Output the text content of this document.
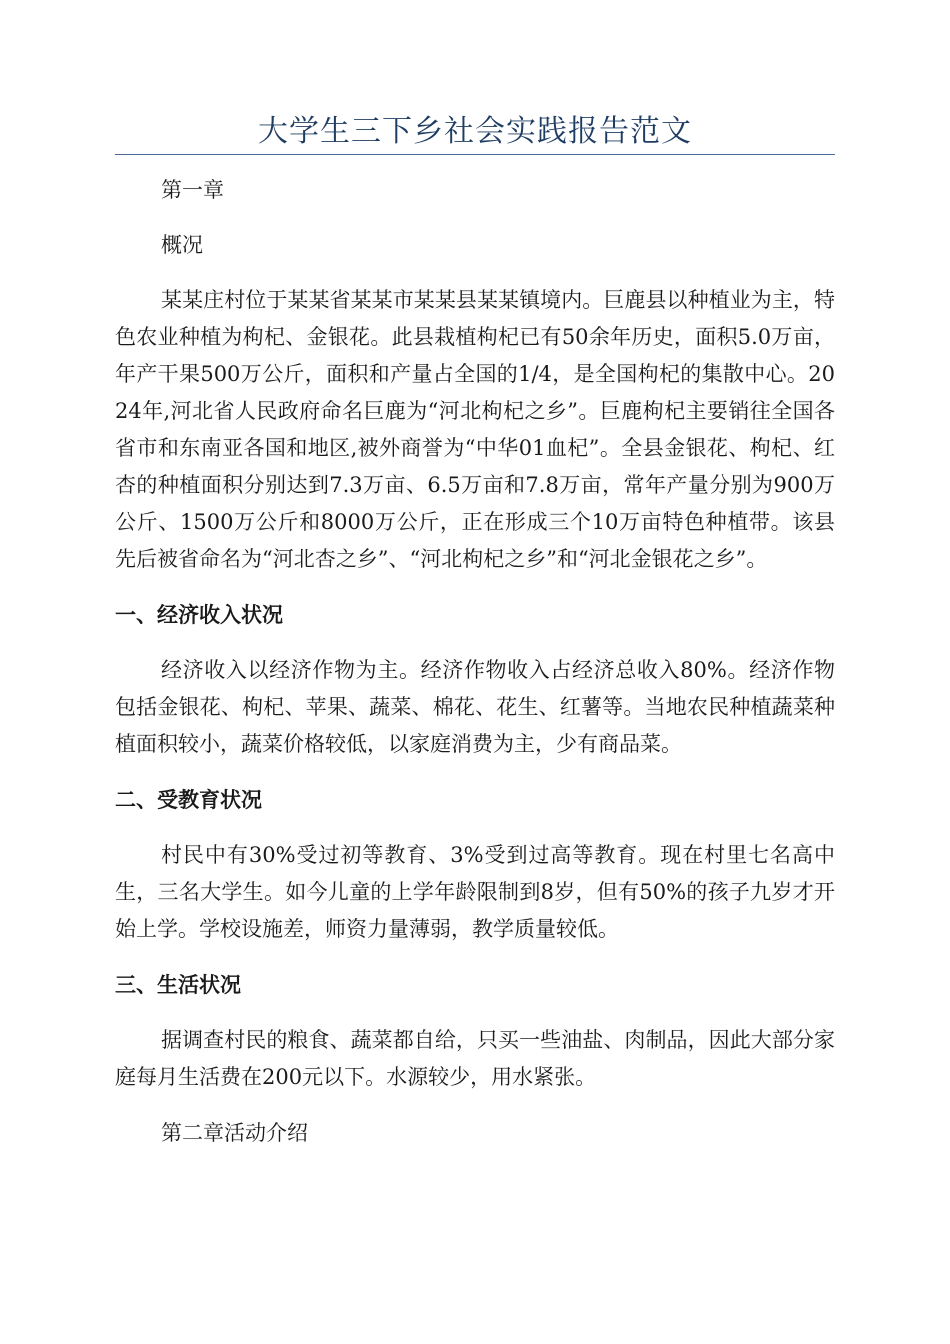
大学生三下乡社会实践报告范文

第一章

概况

某某庄村位于某某省某某市某某县某某镇境内。巨鹿县以种植业为主，特色农业种植为枸杞、金银花。此县栽植枸杞已有50余年历史，面积5.0万亩，年产干果500万公斤，面积和产量占全国的1/4，是全国枸杞的集散中心。2024年,河北省人民政府命名巨鹿为“河北枸杞之乡”。巨鹿枸杞主要销往全国各省市和东南亚各国和地区,被外商誉为“中华01血杞”。全县金银花、枸杞、红杏的种植面积分别达到7.3万亩、6.5万亩和7.8万亩，常年产量分别为900万公斤、1500万公斤和8000万公斤，正在形成三个10万亩特色种植带。该县先后被省命名为“河北杏之乡”、“河北枸杞之乡”和“河北金银花之乡”。

一、经济收入状况

经济收入以经济作物为主。经济作物收入占经济总收入80%。经济作物包括金银花、枸杞、苹果、蔬菜、棉花、花生、红薯等。当地农民种植蔬菜种植面积较小，蔬菜价格较低，以家庭消费为主，少有商品菜。

二、受教育状况

村民中有30%受过初等教育、3%受到过高等教育。现在村里七名高中生，三名大学生。如今儿童的上学年龄限制到8岁，但有50%的孩子九岁才开始上学。学校设施差，师资力量薄弱，教学质量较低。

三、生活状况

据调查村民的粮食、蔬菜都自给，只买一些油盐、肉制品，因此大部分家庭每月生活费在200元以下。水源较少，用水紧张。

第二章活动介绍
